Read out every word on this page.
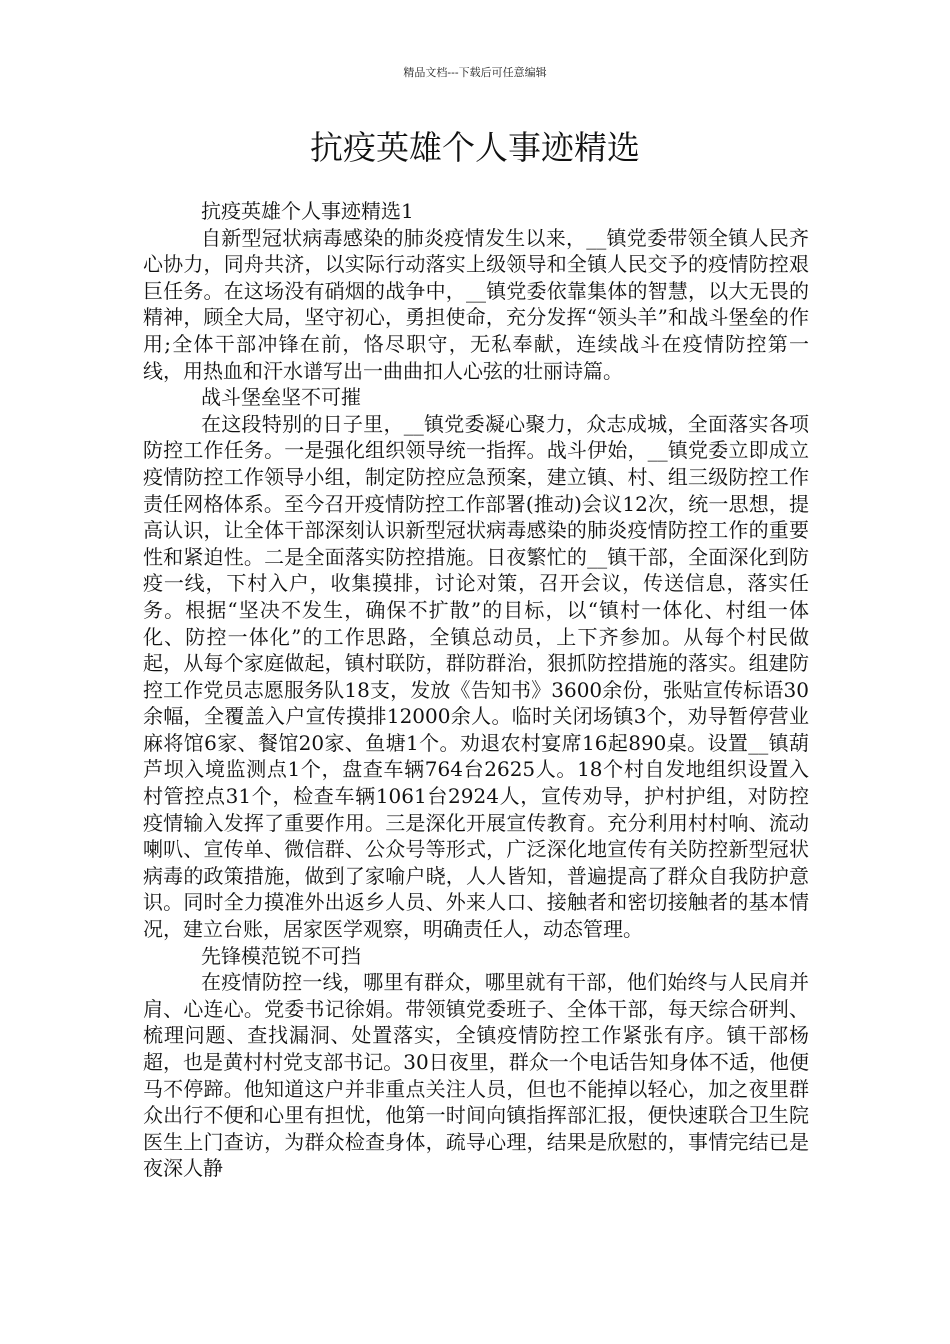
精品文档---下载后可任意编辑
抗疫英雄个人事迹精选

抗疫英雄个人事迹精选1

自新型冠状病毒感染的肺炎疫情发生以来，__镇党委带领全镇人民齐心协力，同舟共济，以实际行动落实上级领导和全镇人民交予的疫情防控艰巨任务。在这场没有硝烟的战争中，__镇党委依靠集体的智慧，以大无畏的精神，顾全大局，坚守初心，勇担使命，充分发挥“领头羊”和战斗堡垒的作用;全体干部冲锋在前，恪尽职守，无私奉献，连续战斗在疫情防控第一线，用热血和汗水谱写出一曲曲扣人心弦的壮丽诗篇。

战斗堡垒坚不可摧

在这段特别的日子里，__镇党委凝心聚力，众志成城，全面落实各项防控工作任务。一是强化组织领导统一指挥。战斗伊始，__镇党委立即成立疫情防控工作领导小组，制定防控应急预案，建立镇、村、组三级防控工作责任网格体系。至今召开疫情防控工作部署(推动)会议12次，统一思想，提高认识，让全体干部深刻认识新型冠状病毒感染的肺炎疫情防控工作的重要性和紧迫性。二是全面落实防控措施。日夜繁忙的__镇干部，全面深化到防疫一线，下村入户，收集摸排，讨论对策，召开会议，传送信息，落实任务。根据“坚决不发生，确保不扩散”的目标，以“镇村一体化、村组一体化、防控一体化”的工作思路，全镇总动员，上下齐参加。从每个村民做起，从每个家庭做起，镇村联防，群防群治，狠抓防控措施的落实。组建防控工作党员志愿服务队18支，发放《告知书》3600余份，张贴宣传标语30余幅，全覆盖入户宣传摸排12000余人。临时关闭场镇3个，劝导暂停营业麻将馆6家、餐馆20家、鱼塘1个。劝退农村宴席16起890桌。设置__镇葫芦坝入境监测点1个，盘查车辆764台2625人。18个村自发地组织设置入村管控点31个，检查车辆1061台2924人，宣传劝导，护村护组，对防控疫情输入发挥了重要作用。三是深化开展宣传教育。充分利用村村响、流动喇叭、宣传单、微信群、公众号等形式，广泛深化地宣传有关防控新型冠状病毒的政策措施，做到了家喻户晓，人人皆知，普遍提高了群众自我防护意识。同时全力摸准外出返乡人员、外来人口、接触者和密切接触者的基本情况，建立台账，居家医学观察，明确责任人，动态管理。

先锋模范锐不可挡

在疫情防控一线，哪里有群众，哪里就有干部，他们始终与人民肩并肩、心连心。党委书记徐娟。带领镇党委班子、全体干部，每天综合研判、梳理问题、查找漏洞、处置落实，全镇疫情防控工作紧张有序。镇干部杨超，也是黄村村党支部书记。30日夜里，群众一个电话告知身体不适，他便马不停蹄。他知道这户并非重点关注人员，但也不能掉以轻心，加之夜里群众出行不便和心里有担忧，他第一时间向镇指挥部汇报，便快速联合卫生院医生上门查访，为群众检查身体，疏导心理，结果是欣慰的，事情完结已是夜深人静
